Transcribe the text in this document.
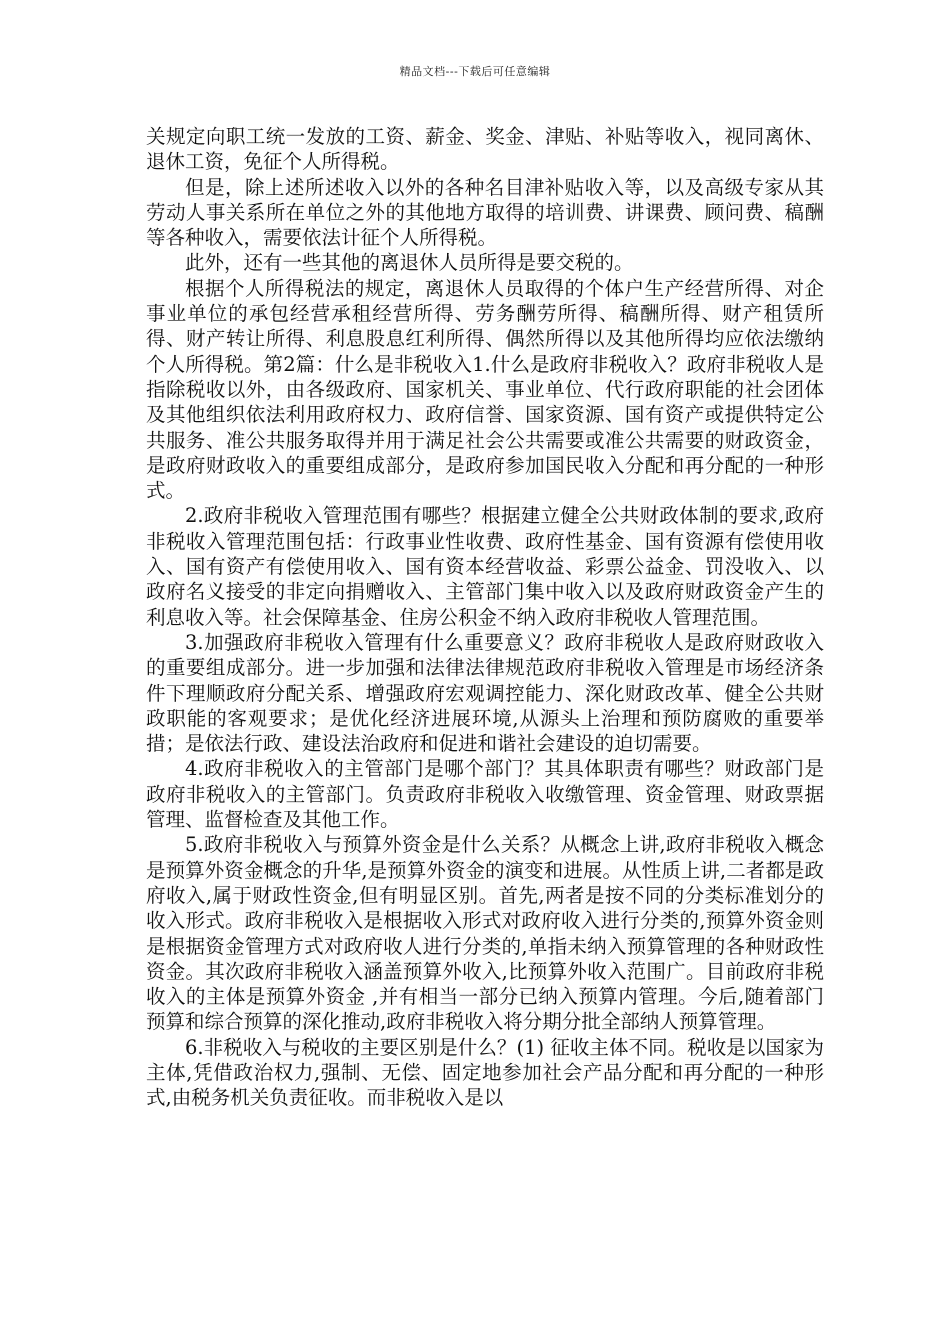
精品文档---下载后可任意编辑

关规定向职工统一发放的工资、薪金、奖金、津贴、补贴等收入，视同离休、退休工资，免征个人所得税。

但是，除上述所述收入以外的各种名目津补贴收入等，以及高级专家从其劳动人事关系所在单位之外的其他地方取得的培训费、讲课费、顾问费、稿酬等各种收入，需要依法计征个人所得税。

此外，还有一些其他的离退休人员所得是要交税的。

根据个人所得税法的规定，离退休人员取得的个体户生产经营所得、对企事业单位的承包经营承租经营所得、劳务酬劳所得、稿酬所得、财产租赁所得、财产转让所得、利息股息红利所得、偶然所得以及其他所得均应依法缴纳个人所得税。第2篇：什么是非税收入1.什么是政府非税收入？政府非税收人是指除税收以外，由各级政府、国家机关、事业单位、代行政府职能的社会团体及其他组织依法利用政府权力、政府信誉、国家资源、国有资产或提供特定公共服务、准公共服务取得并用于满足社会公共需要或准公共需要的财政资金，是政府财政收入的重要组成部分，是政府参加国民收入分配和再分配的一种形式。

2.政府非税收入管理范围有哪些？根据建立健全公共财政体制的要求,政府非税收入管理范围包括：行政事业性收费、政府性基金、国有资源有偿使用收入、国有资产有偿使用收入、国有资本经营收益、彩票公益金、罚没收入、以政府名义接受的非定向捐赠收入、主管部门集中收入以及政府财政资金产生的利息收入等。社会保障基金、住房公积金不纳入政府非税收人管理范围。

3.加强政府非税收入管理有什么重要意义？政府非税收人是政府财政收入的重要组成部分。进一步加强和法律法律规范政府非税收入管理是市场经济条件下理顺政府分配关系、增强政府宏观调控能力、深化财政改革、健全公共财政职能的客观要求；是优化经济进展环境,从源头上治理和预防腐败的重要举措；是依法行政、建设法治政府和促进和谐社会建设的迫切需要。

4.政府非税收入的主管部门是哪个部门？其具体职责有哪些？财政部门是政府非税收入的主管部门。负责政府非税收入收缴管理、资金管理、财政票据管理、监督检查及其他工作。

5.政府非税收入与预算外资金是什么关系？从概念上讲,政府非税收入概念是预算外资金概念的升华,是预算外资金的演变和进展。从性质上讲,二者都是政府收入,属于财政性资金,但有明显区别。首先,两者是按不同的分类标准划分的收入形式。政府非税收入是根据收入形式对政府收入进行分类的,预算外资金则是根据资金管理方式对政府收人进行分类的,单指未纳入预算管理的各种财政性资金。其次政府非税收入涵盖预算外收入,比预算外收入范围广。目前政府非税收入的主体是预算外资金 ,并有相当一部分已纳入预算内管理。今后,随着部门预算和综合预算的深化推动,政府非税收入将分期分批全部纳人预算管理。

6.非税收入与税收的主要区别是什么？(1) 征收主体不同。税收是以国家为主体,凭借政治权力,强制、无偿、固定地参加社会产品分配和再分配的一种形式,由税务机关负责征收。而非税收入是以
